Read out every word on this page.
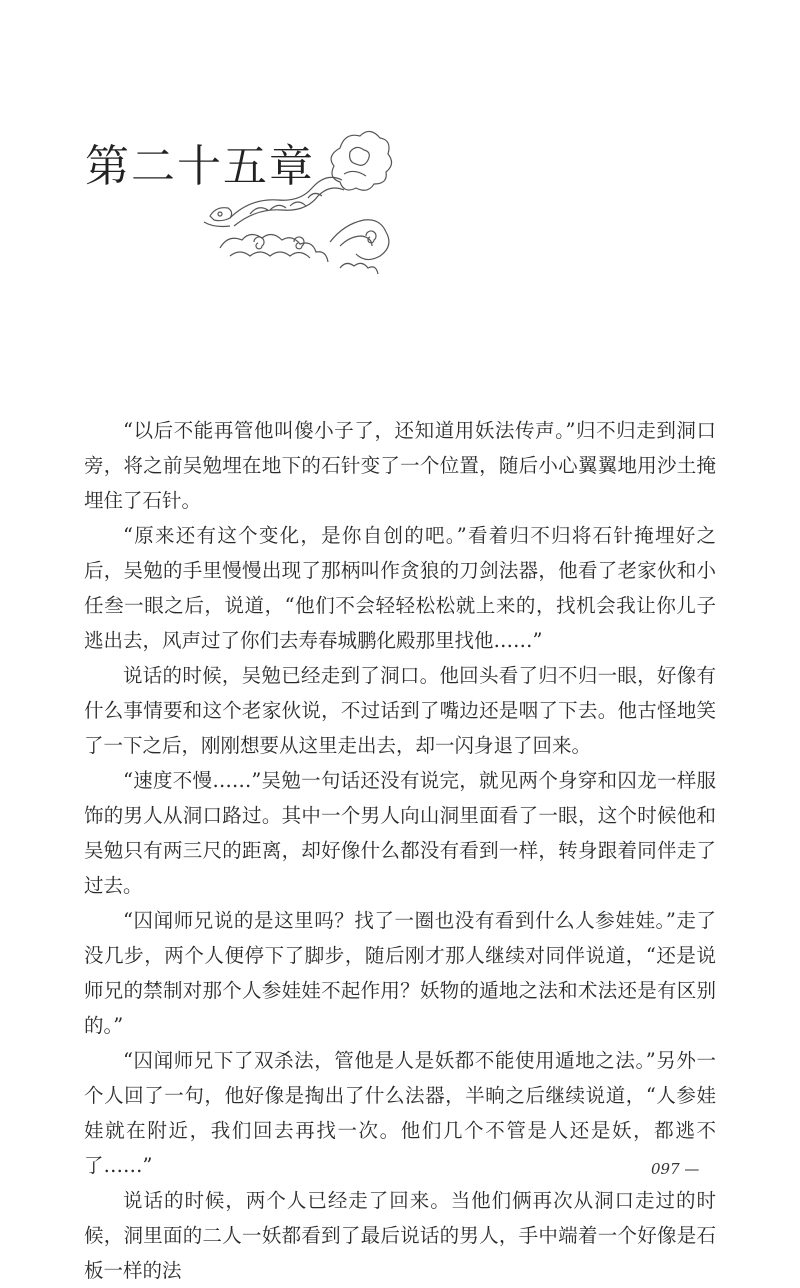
第二十五章

“以后不能再管他叫傻小子了，还知道用妖法传声。”归不归走到洞口旁，将之前吴勉埋在地下的石针变了一个位置，随后小心翼翼地用沙土掩埋住了石针。

“原来还有这个变化，是你自创的吧。”看着归不归将石针掩埋好之后，吴勉的手里慢慢出现了那柄叫作贪狼的刀剑法器，他看了老家伙和小任叁一眼之后，说道，“他们不会轻轻松松就上来的，找机会我让你儿子逃出去，风声过了你们去寿春城鹏化殿那里找他……”

说话的时候，吴勉已经走到了洞口。他回头看了归不归一眼，好像有什么事情要和这个老家伙说，不过话到了嘴边还是咽了下去。他古怪地笑了一下之后，刚刚想要从这里走出去，却一闪身退了回来。

“速度不慢……”吴勉一句话还没有说完，就见两个身穿和囚龙一样服饰的男人从洞口路过。其中一个男人向山洞里面看了一眼，这个时候他和吴勉只有两三尺的距离，却好像什么都没有看到一样，转身跟着同伴走了过去。

“囚闻师兄说的是这里吗？找了一圈也没有看到什么人参娃娃。”走了没几步，两个人便停下了脚步，随后刚才那人继续对同伴说道，“还是说师兄的禁制对那个人参娃娃不起作用？妖物的遁地之法和术法还是有区别的。”

“囚闻师兄下了双杀法，管他是人是妖都不能使用遁地之法。”另外一个人回了一句，他好像是掏出了什么法器，半晌之后继续说道，“人参娃娃就在附近，我们回去再找一次。他们几个不管是人还是妖，都逃不了……”

说话的时候，两个人已经走了回来。当他们俩再次从洞口走过的时候，洞里面的二人一妖都看到了最后说话的男人，手中端着一个好像是石板一样的法

097 —
